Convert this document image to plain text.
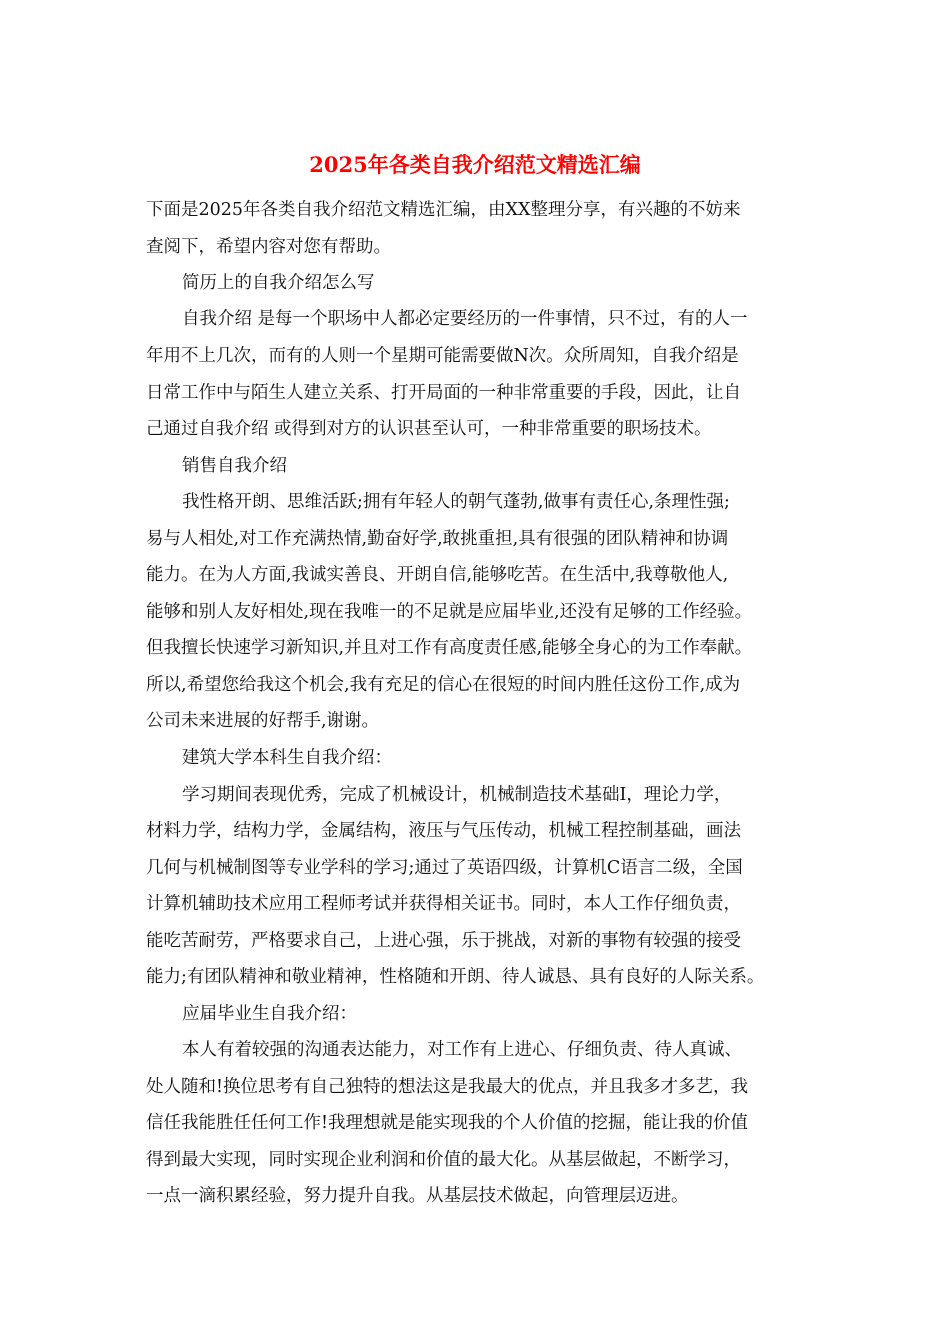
2025年各类自我介绍范文精选汇编
下面是2025年各类自我介绍范文精选汇编，由XX整理分享，有兴趣的不妨来
查阅下，希望内容对您有帮助。
简历上的自我介绍怎么写
自我介绍 是每一个职场中人都必定要经历的一件事情，只不过，有的人一
年用不上几次，而有的人则一个星期可能需要做N次。众所周知，自我介绍是
日常工作中与陌生人建立关系、打开局面的一种非常重要的手段，因此，让自
己通过自我介绍 或得到对方的认识甚至认可，一种非常重要的职场技术。
销售自我介绍
我性格开朗、思维活跃;拥有年轻人的朝气蓬勃,做事有责任心,条理性强;
易与人相处,对工作充满热情,勤奋好学,敢挑重担,具有很强的团队精神和协调
能力。在为人方面,我诚实善良、开朗自信,能够吃苦。在生活中,我尊敬他人,
能够和别人友好相处,现在我唯一的不足就是应届毕业,还没有足够的工作经验。
但我擅长快速学习新知识,并且对工作有高度责任感,能够全身心的为工作奉献。
所以,希望您给我这个机会,我有充足的信心在很短的时间内胜任这份工作,成为
公司未来进展的好帮手,谢谢。
建筑大学本科生自我介绍：
学习期间表现优秀，完成了机械设计，机械制造技术基础Ⅰ，理论力学，
材料力学，结构力学，金属结构，液压与气压传动，机械工程控制基础，画法
几何与机械制图等专业学科的学习;通过了英语四级，计算机C语言二级，全国
计算机辅助技术应用工程师考试并获得相关证书。同时，本人工作仔细负责，
能吃苦耐劳，严格要求自己，上进心强，乐于挑战，对新的事物有较强的接受
能力;有团队精神和敬业精神，性格随和开朗、待人诚恳、具有良好的人际关系。
应届毕业生自我介绍：
本人有着较强的沟通表达能力，对工作有上进心、仔细负责、待人真诚、
处人随和!换位思考有自己独特的想法这是我最大的优点，并且我多才多艺，我
信任我能胜任任何工作!我理想就是能实现我的个人价值的挖掘，能让我的价值
得到最大实现，同时实现企业利润和价值的最大化。从基层做起，不断学习，
一点一滴积累经验，努力提升自我。从基层技术做起，向管理层迈进。
